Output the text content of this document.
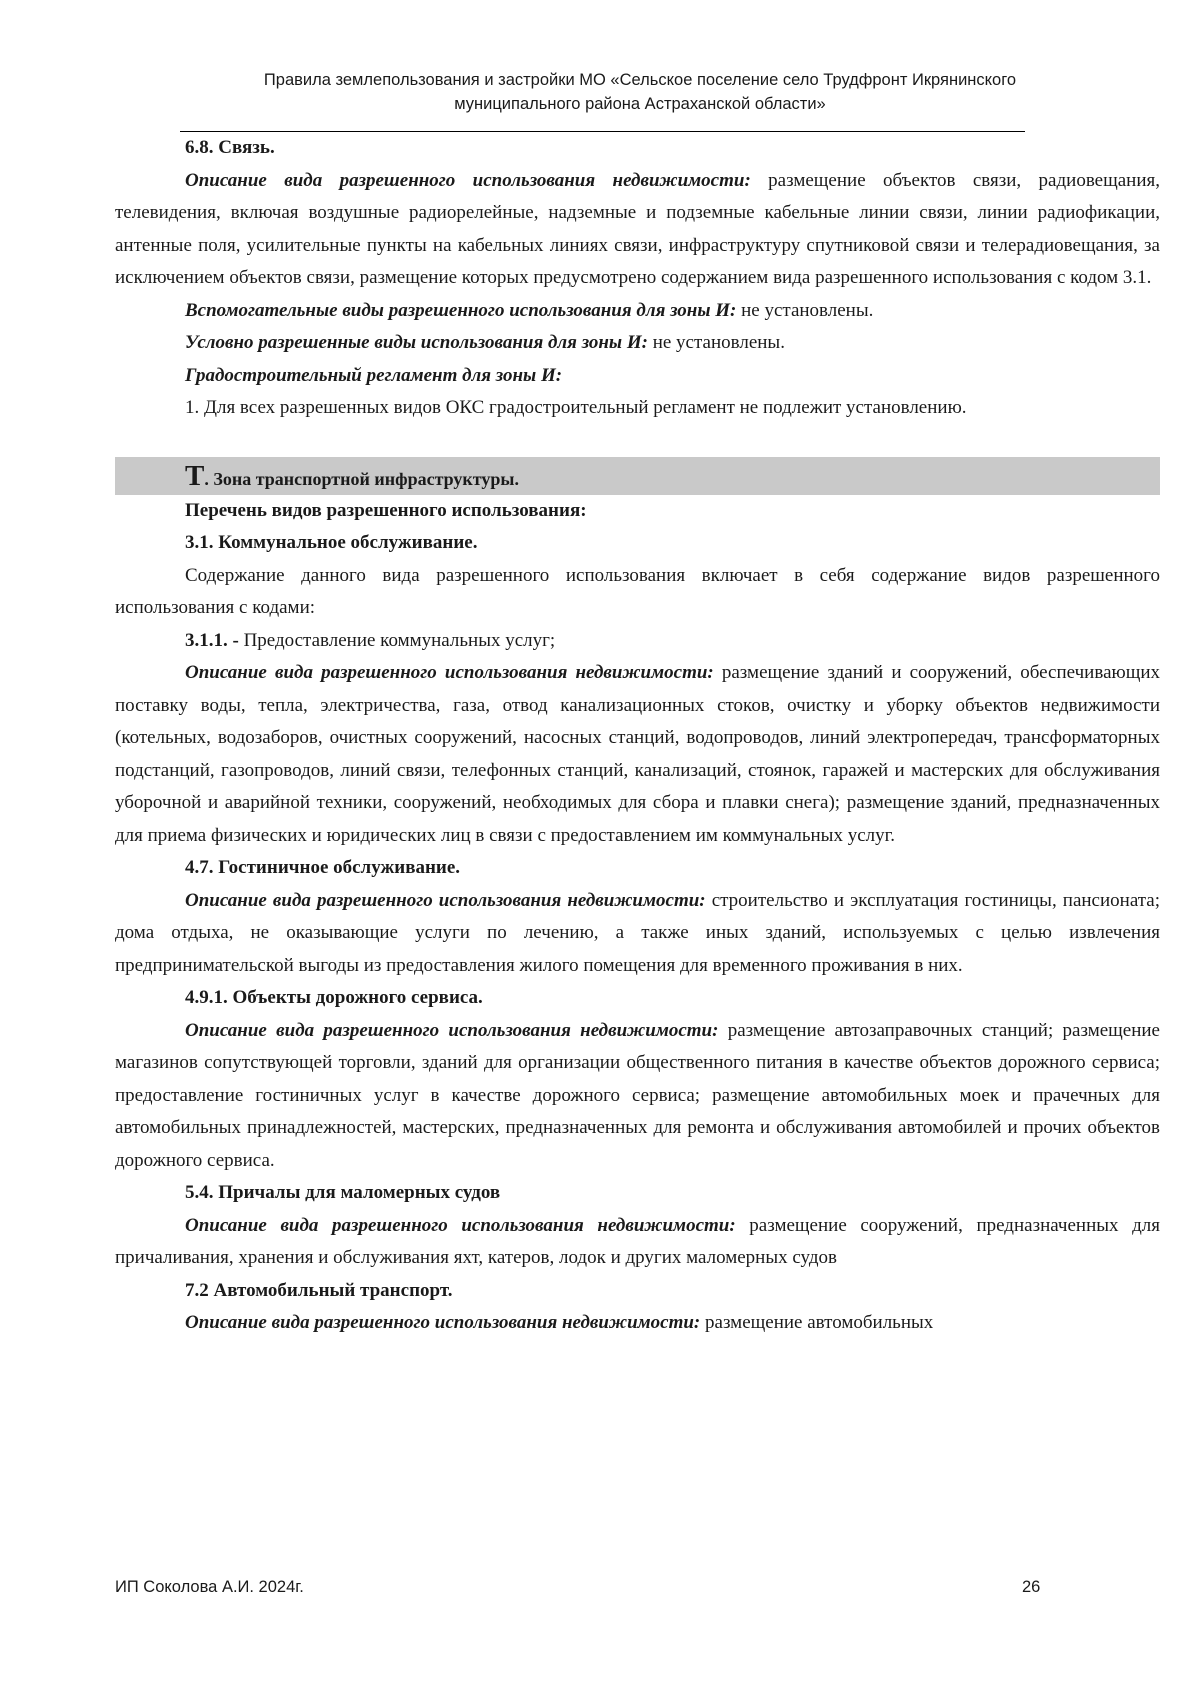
Правила землепользования и застройки МО «Сельское поселение село Трудфронт Икрянинского
муниципального района Астраханской области»

6.8. Связь.

Описание вида разрешенного использования недвижимости: размещение объектов связи, радиовещания, телевидения, включая воздушные радиорелейные, надземные и подземные кабельные линии связи, линии радиофикации, антенные поля, усилительные пункты на кабельных линиях связи, инфраструктуру спутниковой связи и телерадиовещания, за исключением объектов связи, размещение которых предусмотрено содержанием вида разрешенного использования с кодом 3.1.

Вспомогательные виды разрешенного использования для зоны И: не установлены.

Условно разрешенные виды использования для зоны И: не установлены.

Градостроительный регламент для зоны И:

1. Для всех разрешенных видов ОКС градостроительный регламент не подлежит установлению.

Т. Зона транспортной инфраструктуры.

Перечень видов разрешенного использования:

3.1. Коммунальное обслуживание.

Содержание данного вида разрешенного использования включает в себя содержание видов разрешенного использования с кодами:

3.1.1. - Предоставление коммунальных услуг;

Описание вида разрешенного использования недвижимости: размещение зданий и сооружений, обеспечивающих поставку воды, тепла, электричества, газа, отвод канализационных стоков, очистку и уборку объектов недвижимости (котельных, водозаборов, очистных сооружений, насосных станций, водопроводов, линий электропередач, трансформаторных подстанций, газопроводов, линий связи, телефонных станций, канализаций, стоянок, гаражей и мастерских для обслуживания уборочной и аварийной техники, сооружений, необходимых для сбора и плавки снега); размещение зданий, предназначенных для приема физических и юридических лиц в связи с предоставлением им коммунальных услуг.

4.7. Гостиничное обслуживание.

Описание вида разрешенного использования недвижимости: строительство и эксплуатация гостиницы, пансионата; дома отдыха, не оказывающие услуги по лечению, а также иных зданий, используемых с целью извлечения предпринимательской выгоды из предоставления жилого помещения для временного проживания в них.

4.9.1. Объекты дорожного сервиса.

Описание вида разрешенного использования недвижимости: размещение автозаправочных станций; размещение магазинов сопутствующей торговли, зданий для организации общественного питания в качестве объектов дорожного сервиса; предоставление гостиничных услуг в качестве дорожного сервиса; размещение автомобильных моек и прачечных для автомобильных принадлежностей, мастерских, предназначенных для ремонта и обслуживания автомобилей и прочих объектов дорожного сервиса.

5.4. Причалы для маломерных судов

Описание вида разрешенного использования недвижимости: размещение сооружений, предназначенных для причаливания, хранения и обслуживания яхт, катеров, лодок и других маломерных судов

7.2 Автомобильный транспорт.

Описание вида разрешенного использования недвижимости: размещение автомобильных

ИП Соколова А.И. 2024г.	26
